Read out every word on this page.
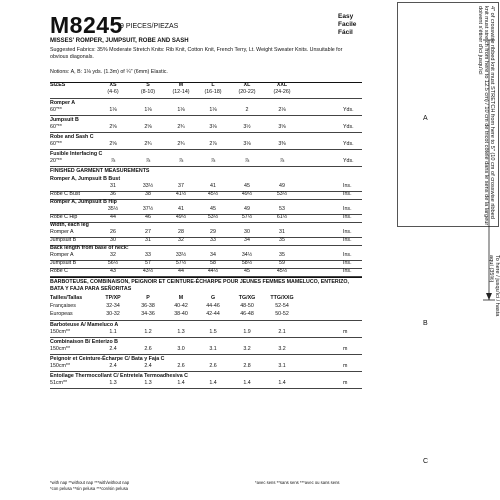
M8245
9 PIECES/PIEZAS
Easy
Facile
Fácil
MISSES' ROMPER, JUMPSUIT, ROBE AND SASH
Suggested Fabrics: 35% Moderate Stretch Knits: Rib Knit, Cotton Knit, French Terry, Lt. Weight Sweater Knits. Unsuitable for obvious diagonals.
Notions: A, B: 1⅛ yds. (1.3m) of ¼" (6mm) Elastic.
SIZES	XS	S	M	L	XL	XXL
(4-6)	(8-10)	(12-14)	(16-18)	(20-22)	(24-26)
Romper A
60"**	1⅛	1⅛	1⅛	1⅛	2	2⅛	Yds.
Jumpsuit B
60"**	2⅝	2⅝	2¾	3⅛	3½	3⅝	Yds.
Robe and Sash C
60"**	2⅝	2¾	2¾	2⅞	3⅛	3⅜	Yds.
Fusible Interfacing C
20"**	⅞	⅞	⅞	⅞	⅞	⅞	Yds.
FINISHED GARMENT MEASUREMENTS
Romper A, Jumpsuit B Bust
31	33½	37	41	45	49	Ins.
Robe C Bust	36	38	41½	45½	49½	53½	Ins.
Romper A, Jumpsuit B Hip
35½	37½	41	45	49	53	Ins.
Robe C Hip	44	46	49½	53½	57½	61½	Ins.
Width, each leg
Romper A	26	27	28	29	30	31	Ins.
Jumpsuit B	30	31	32	33	34	35	Ins.
Back length from base of neck:
Romper A	32	33	33½	34	34½	35	Ins.
Jumpsuit B	56½	57	57½	58	58½	59	Ins.
Robe C	43	43½	44	44½	45	45½	Ins.
BARBOTEUSE, COMBINAISON, PEIGNOIR ET CEINTURE-ÉCHARPE POUR JEUNES FEMMES MAMELUCO, ENTERIZO, BATA Y FAJA PARA SEÑORITAS
Tailles/Tallas	TP/XP	P	M	G	TG/XG	TTG/XXG
Françaises	32-34	36-38	40-42	44-46	48-50	52-54
Europeas	30-32	34-36	38-40	42-44	46-48	50-52
Barboteuse A/ Mameluco A
150cm**	1.1	1.2	1.3	1.5	1.9	2.1	m
Combinaison B/ Enterizo B
150cm**	2.4	2.6	3.0	3.1	3.2	3.2	m
Peignoir et Ceinture-Écharpe C/ Bata y Faja C
150cm**	2.4	2.4	2.6	2.6	2.8	3.1	m
Entoilage Thermocollant C/ Entretela Termoadhesiva C
51cm**	1.3	1.3	1.4	1.4	1.4	1.4	m
*with nap **without nap ***with/without nap
*con pelusa **sin pelusa ***con/sin pelusa
*avec sens **sans sens ***avec ou sans sens
4" of crosswise ribbed knit must STRETCH from here to 5" (10 cm of crosswise ribbed knit must stretch from here to 12.5 cm) / 10 cm de tricot côtelé dans le sens de la largeur doivent s'étirer d'ici jusqu'ici
To here / jusqu'ici / hasta aquí (35%)
A
B
C
